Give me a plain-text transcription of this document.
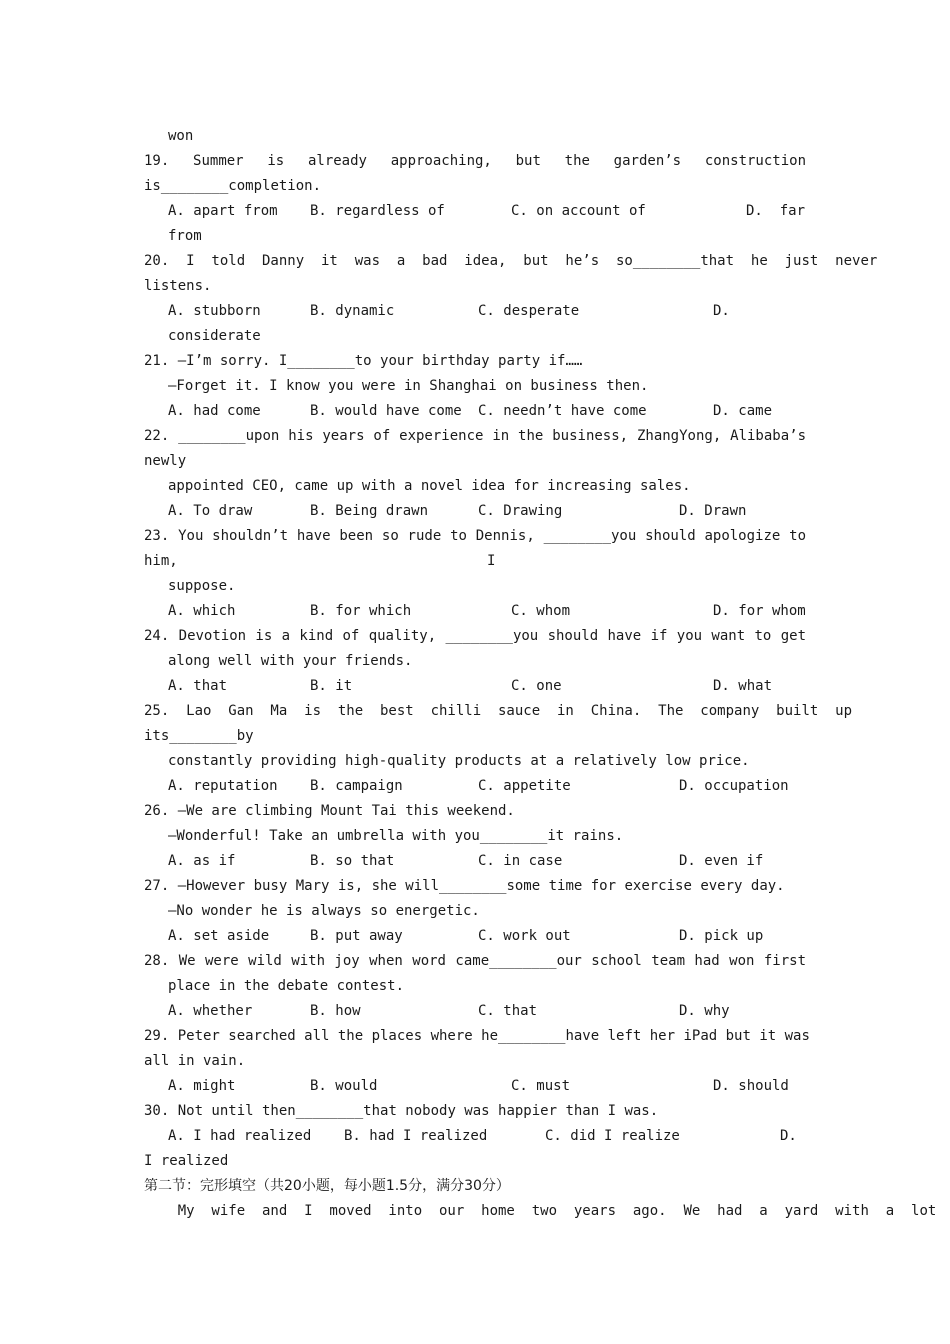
won
19.  Summer  is  already  approaching,  but  the  garden’s  construction
is________completion.
A. apart from B. regardless of	C. on account of	D.  far
from
20.  I  told  Danny  it  was  a  bad  idea,  but  he’s  so________that  he  just  never
listens.
A. stubborn	B. dynamic	C. desperate	D.
considerate
21. —I’m sorry. I________to your birthday party if……
—Forget it. I know you were in Shanghai on business then.
A. had come	B. would have come C. needn’t have come	D. came
22. ________upon his years of experience in the business, ZhangYong, Alibaba’s
newly
appointed CEO, came up with a novel idea for increasing sales.
A. To draw	B. Being drawn	C. Drawing	D. Drawn
23. You shouldn’t have been so rude to Dennis, ________you should apologize to
him,	I
suppose.
A. which	B. for which	C. whom	D. for whom
24. Devotion is a kind of quality, ________you should have if you want to get
along well with your friends.
A. that	B. it	C. one	D. what
25.  Lao  Gan  Ma  is  the  best  chilli  sauce  in  China.  The  company  built  up
its________by
constantly providing high-quality products at a relatively low price.
A. reputation B. campaign	C. appetite	D. occupation
26. —We are climbing Mount Tai this weekend.
—Wonderful! Take an umbrella with you________it rains.
A. as if	B. so that	C. in case	D. even if
27. —However busy Mary is, she will________some time for exercise every day.
—No wonder he is always so energetic.
A. set aside	B. put away	C. work out	D. pick up
28. We were wild with joy when word came________our school team had won first
place in the debate contest.
A. whether	B. how	C. that	D. why
29. Peter searched all the places where he________have left her iPad but it was
all in vain.
A. might	B. would	C. must	D. should
30. Not until then________that nobody was happier than I was.
A. I had realized B. had I realized	C. did I realize	D.
I realized
第二节：完形填空（共20小题，每小题1.5分，满分30分）
My  wife  and  I  moved  into  our  home  two  years  ago.  We  had  a  yard  with  a  lot
